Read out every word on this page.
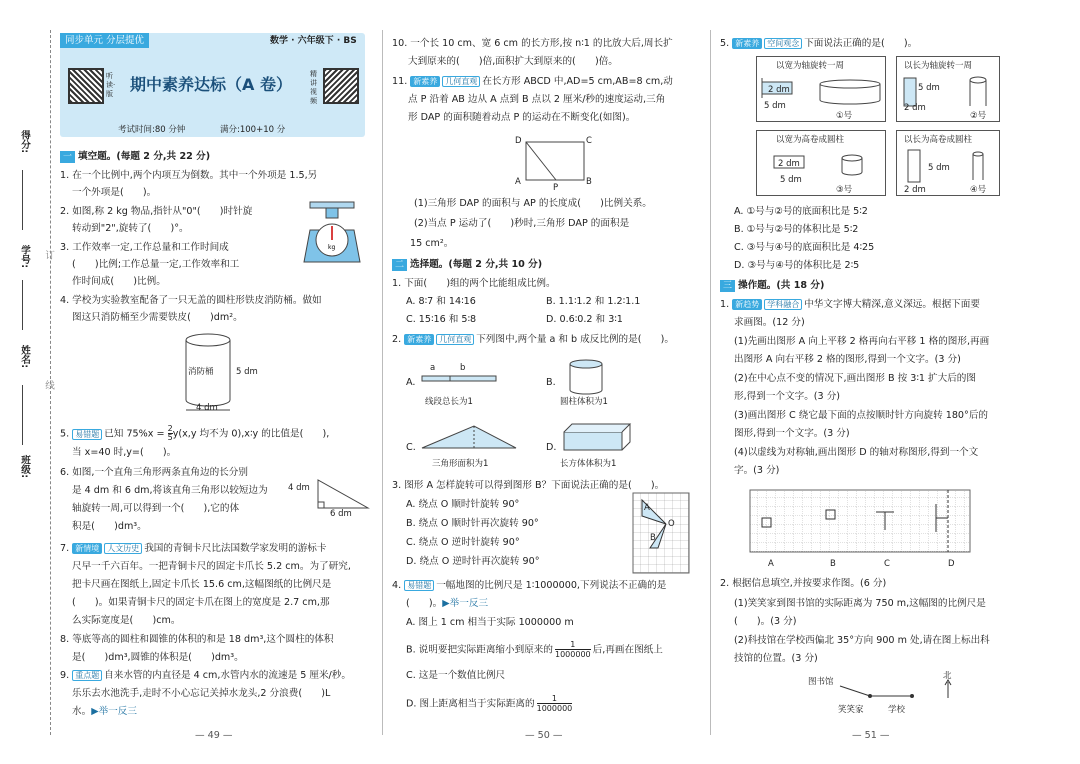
得分:
学号:	订
姓名:
线
班级:
同步单元 分层提优	数学 · 六年级下 · BS
听读·版 期中素养达标（A 卷）
精讲视频
考试时间:80 分钟	满分:100+10 分
一 填空题。(每题 2 分,共 22 分)
1. 在一个比例中,两个内项互为倒数。其中一个外项是 1.5,另
一个外项是(　　)。
2. 如图,称 2 kg 物品,指针从"0"(　　)时针旋
转动到"2",旋转了(　　)°。
kg
3. 工作效率一定,工作总量和工作时间成
(　　)比例;工作总量一定,工作效率和工
作时间成(　　)比例。
4. 学校为实验教室配备了一只无盖的圆柱形铁皮消防桶。做如
图这只消防桶至少需要铁皮(　　)dm²。
消防桶	5 dm
4 dm
5. 易错题 已知 $75\%x = \frac{2}{5} y(x,y$ 均不为 0),x∶y 的比值是(　　),
当 x=40 时,y=(　　)。
6. 如图,一个直角三角形两条直角边的长分别
是 4 dm 和 6 dm,将该直角三角形以较短边为
轴旋转一周,可以得到一个(　　),它的体
积是(　　)dm³。
4 dm
6 dm
7. 新情境 人文历史 我国的青铜卡尺比法国数学家发明的游标卡
尺早一千六百年。一把青铜卡尺的固定卡爪长 5.2 cm。为了研究,
把卡尺画在图纸上,固定卡爪长 15.6 cm,这幅图纸的比例尺是
(　　)。如果青铜卡尺的固定卡爪在图上的宽度是 2.7 cm,那
么实际宽度是(　　)cm。
8. 等底等高的圆柱和圆锥的体积的和是 18 dm³,这个圆柱的体积
是(　　)dm³,圆锥的体积是(　　)dm³。
9. 重点题 自来水管的内直径是 4 cm,水管内水的流速是 5 厘米/秒。
乐乐去水池洗手,走时不小心忘记关掉水龙头,2 分浪费(　　)L
水。▶举一反三
— 49 —
10. 一个长 10 cm、宽 6 cm 的长方形,按 n∶1 的比放大后,周长扩
大到原来的(　　)倍,面积扩大到原来的(　　)倍。
11. 新素养 几何直观 在长方形 ABCD 中,AD=5 cm,AB=8 cm,动
点 P 沿着 AB 边从 A 点到 B 点以 2 厘米/秒的速度运动,三角
形 DAP 的面积随着动点 P 的运动在不断变化(如图)。
D	C
A
P
B
(1)三角形 DAP 的面积与 AP 的长度成(　　)比例关系。
(2)当点 P 运动了(　　)秒时,三角形 DAP 的面积是
15 cm²。
二 选择题。(每题 2 分,共 10 分)
1. 下面(　　)组的两个比能组成比例。
A. 8∶7 和 14∶16	B. 1.1∶1.2 和 1.2∶1.1
C. 15∶16 和 5∶8	D. 0.6∶0.2 和 3∶1
2. 新素养 几何直观 下列图中,两个量 a 和 b 成反比例的是(　　)。
A.
a	b
线段总长为1
B.
圆柱体积为1
C.
三角形面积为1
D.
长方体体积为1
3. 图形 A 怎样旋转可以得到图形 B？下面说法正确的是(　　)。
A. 绕点 O 顺时针旋转 90°
B. 绕点 O 顺时针再次旋转 90°
C. 绕点 O 逆时针旋转 90°
D. 绕点 O 逆时针再次旋转 90°
A
B
O
4. 易错题 一幅地图的比例尺是 1∶1000000,下列说法不正确的是
(　　)。▶举一反三
A. 图上 1 cm 相当于实际 1000000 m
B. 说明要把实际距离缩小到原来的 $\frac{1}{1000000}$ 后,再画在图纸上
C. 这是一个数值比例尺
D. 图上距离相当于实际距离的 $\frac{1}{1000000}$
— 50 —
5. 新素养 空间观念 下面说法正确的是(　　)。
以宽为轴旋转一周
2 dm
5 dm
①号
以长为轴旋转一周
5 dm
2 dm
②号
以宽为高卷成圆柱
2 dm
5 dm
③号
以长为高卷成圆柱
5 dm
2 dm	④号
A. ①号与②号的底面积比是 5∶2
B. ①号与②号的体积比是 5∶2
C. ③号与④号的底面积比是 4∶25
D. ③号与④号的体积比是 2∶5
三 操作题。(共 18 分)
1. 新趋势 学科融合 中华文字博大精深,意义深远。根据下面要
求画图。(12 分)
(1)先画出图形 A 向上平移 2 格再向右平移 1 格的图形,再画
出图形 A 向右平移 2 格的图形,得到一个文字。(3 分)
(2)在中心点不变的情况下,画出图形 B 按 3∶1 扩大后的图
形,得到一个文字。(3 分)
(3)画出图形 C 绕它最下面的点按顺时针方向旋转 180°后的
图形,得到一个文字。(3 分)
(4)以虚线为对称轴,画出图形 D 的轴对称图形,得到一个文
字。(3 分)
A	B	C	D
2. 根据信息填空,并按要求作图。(6 分)
(1)笑笑家到图书馆的实际距离为 750 m,这幅图的比例尺是
(　　)。(3 分)
(2)科技馆在学校西偏北 35°方向 900 m 处,请在图上标出科
技馆的位置。(3 分)
图书馆
笑笑家	学校
北
— 51 —
